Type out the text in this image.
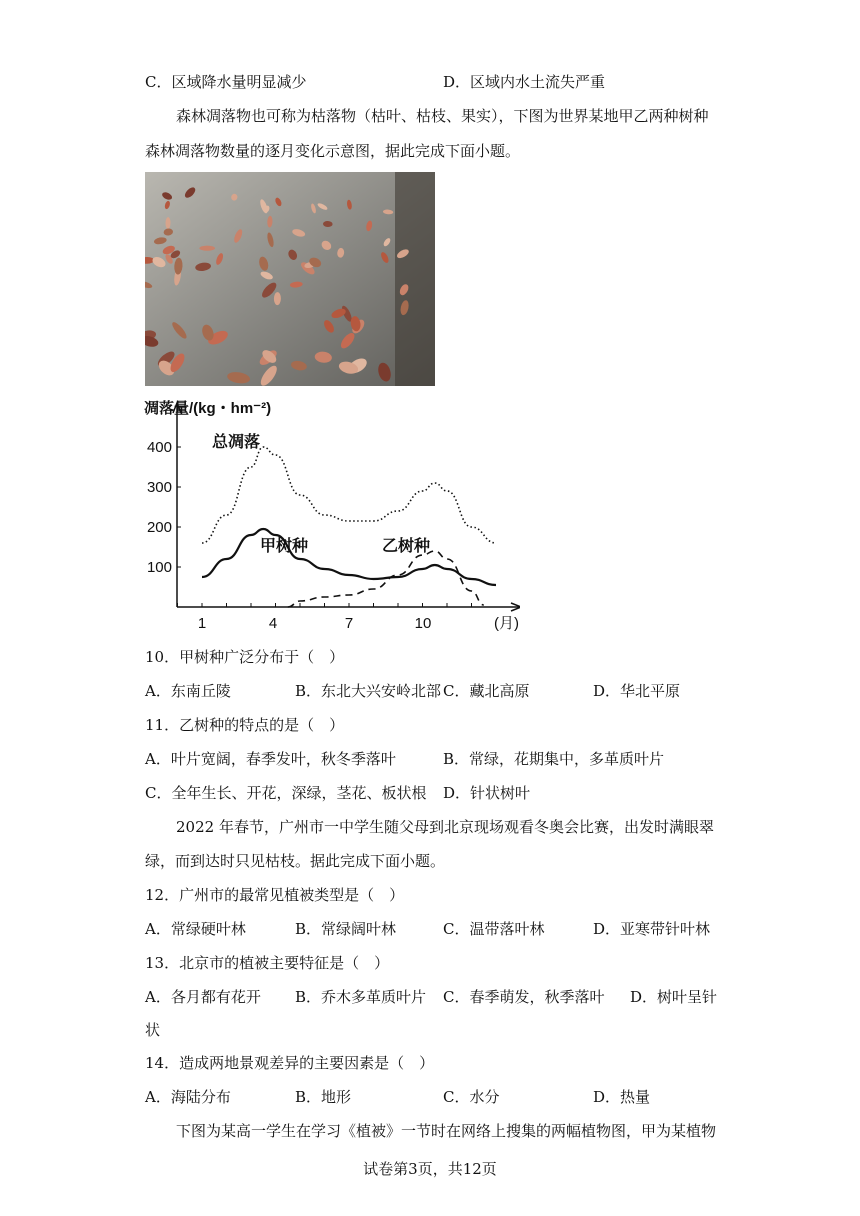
C．区域降水量明显减少	D．区域内水土流失严重
森林凋落物也可称为枯落物（枯叶、枯枝、果实），下图为世界某地甲乙两种树种
森林凋落物数量的逐月变化示意图，据此完成下面小题。
凋落量/(kg・hm⁻²)
1	4	7	10	(月)
100
200
300
400	总凋落
甲树种	乙树种
10．甲树种广泛分布于（　）
A．东南丘陵	B．东北大兴安岭北部 C．藏北高原	D．华北平原
11．乙树种的特点的是（　）
A．叶片宽阔，春季发叶，秋冬季落叶	B．常绿，花期集中，多革质叶片
C．全年生长、开花，深绿，茎花、板状根 D．针状树叶
2022 年春节，广州市一中学生随父母到北京现场观看冬奥会比赛，出发时满眼翠
绿，而到达时只见枯枝。据此完成下面小题。
12．广州市的最常见植被类型是（　）
A．常绿硬叶林	B．常绿阔叶林	C．温带落叶林	D．亚寒带针叶林
13．北京市的植被主要特征是（　）
A．各月都有花开 B．乔木多革质叶片 C．春季萌发，秋季落叶 D．树叶呈针
状
14．造成两地景观差异的主要因素是（　）
A．海陆分布	B．地形	C．水分	D．热量
下图为某高一学生在学习《植被》一节时在网络上搜集的两幅植物图，甲为某植物
试卷第3页，共12页
